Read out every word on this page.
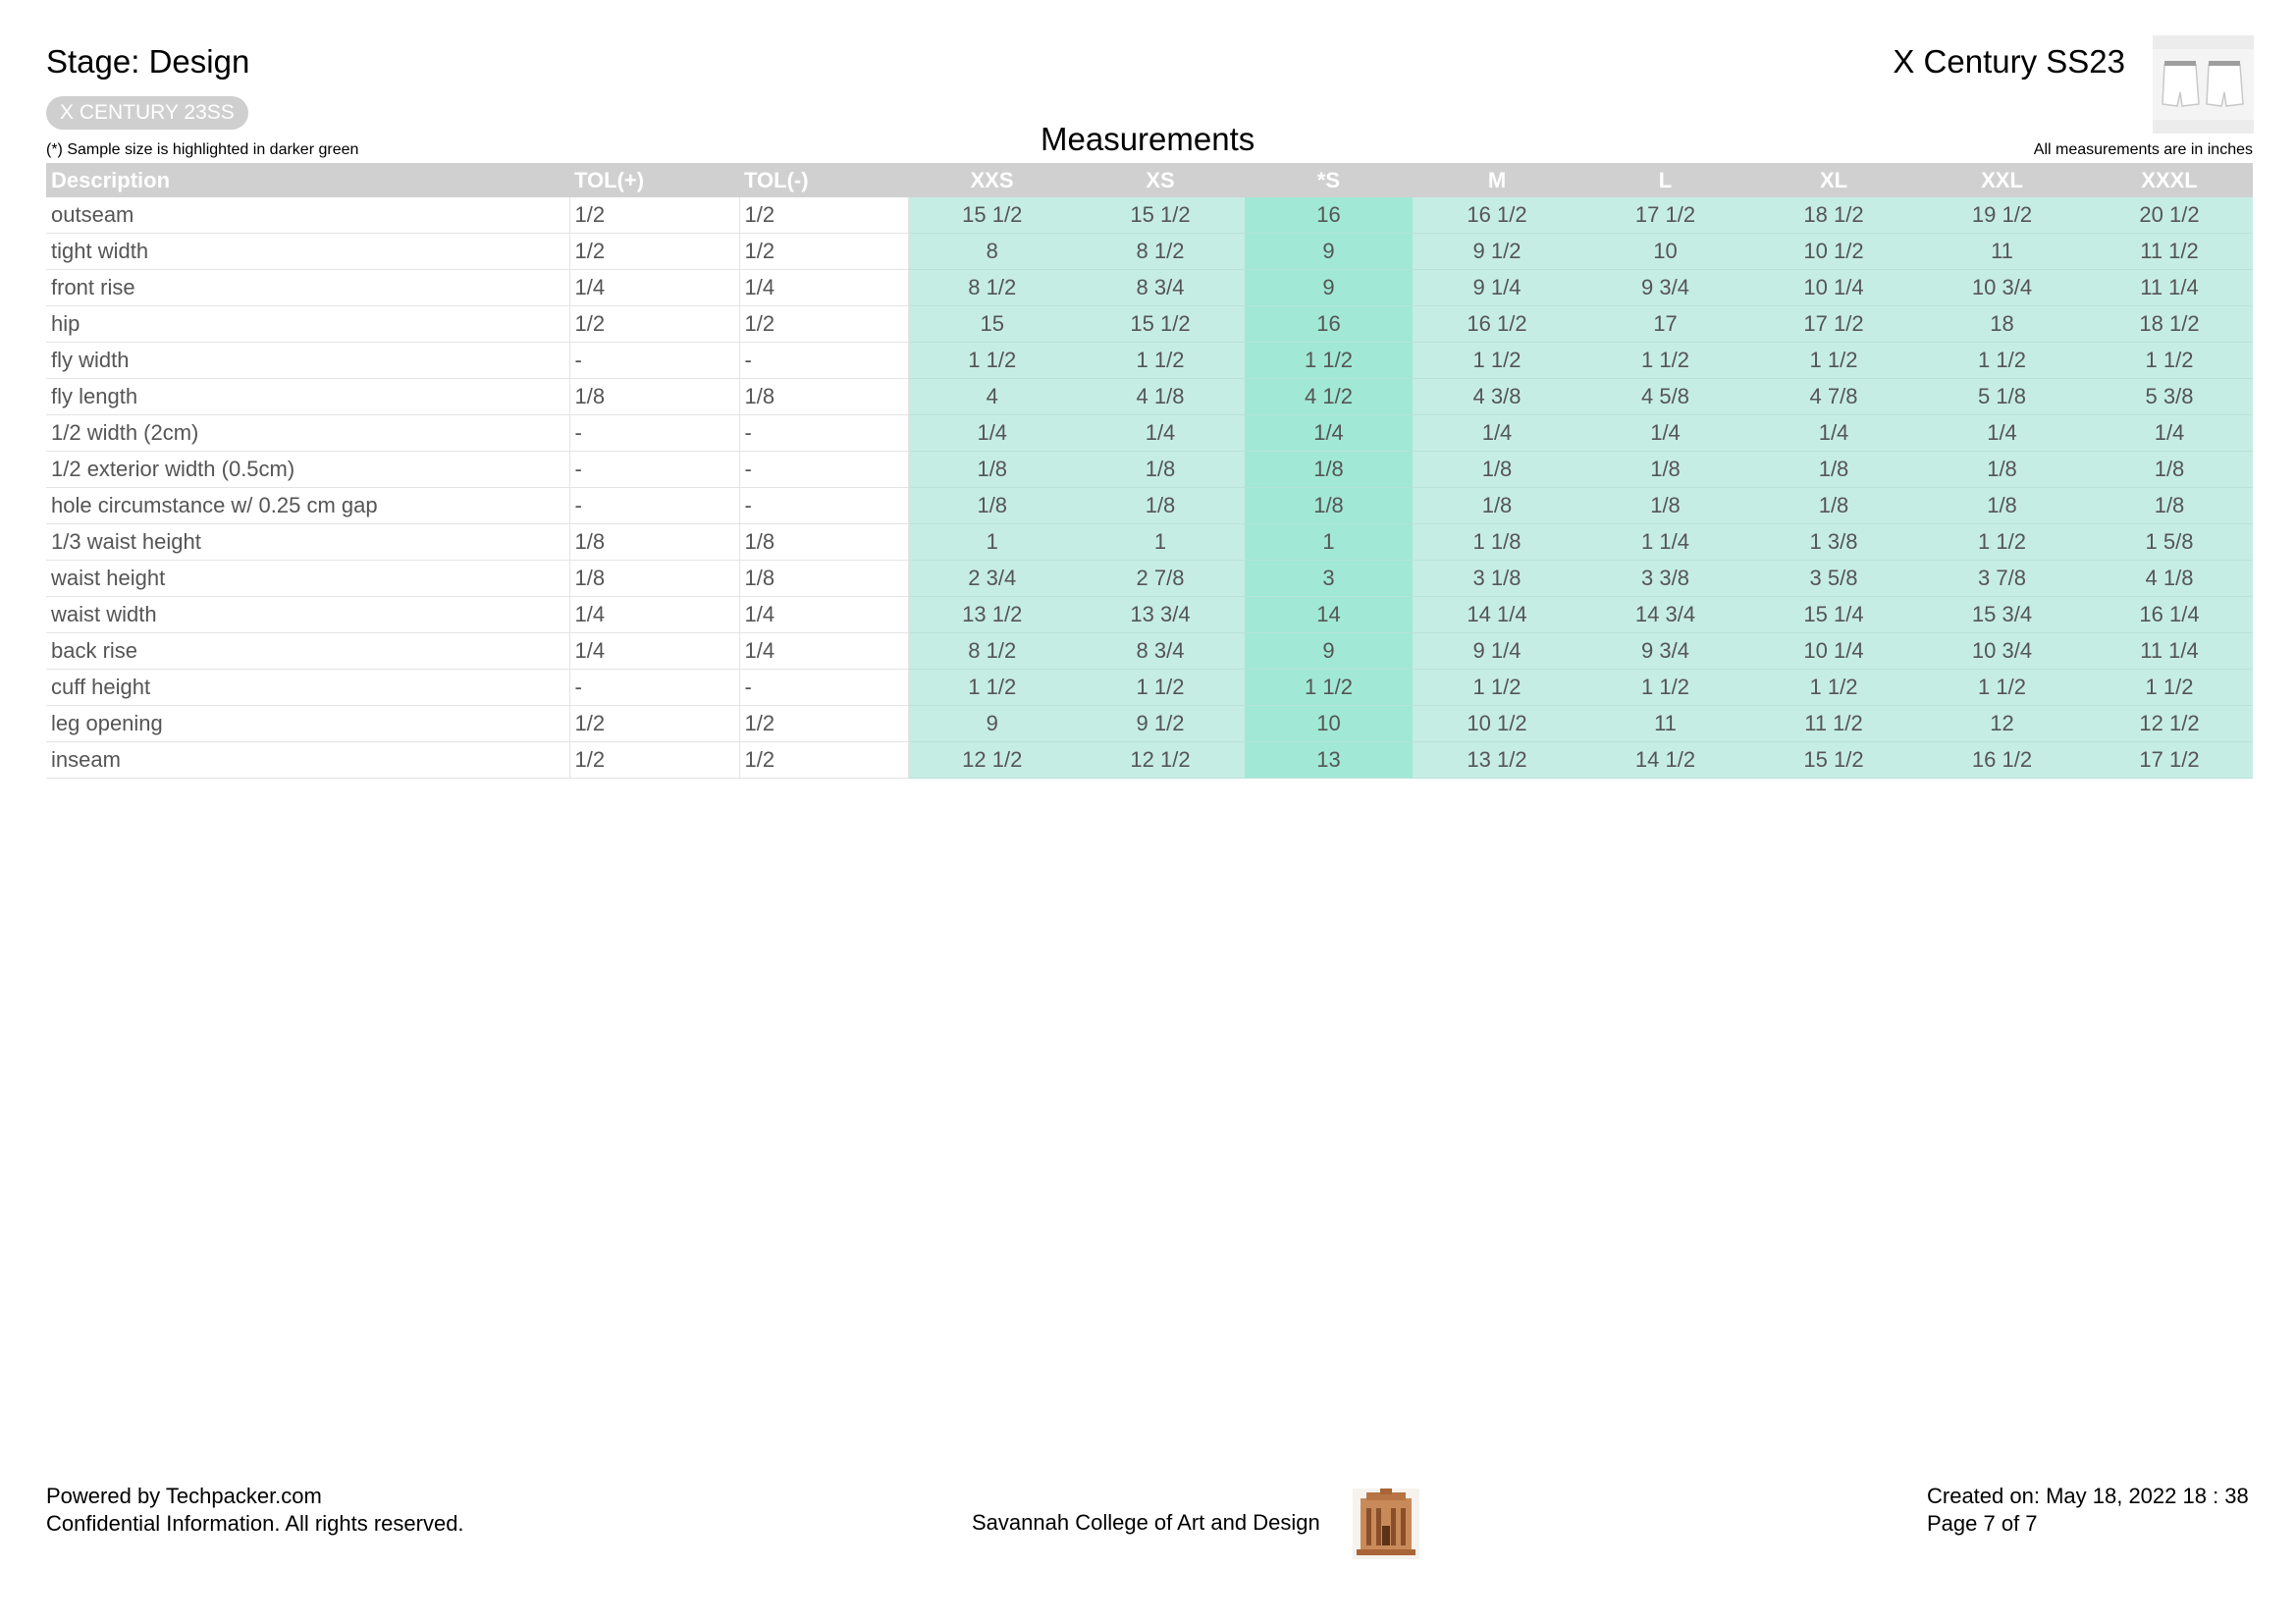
Stage: Design	X Century SS23
X CENTURY 23SS
(*) Sample size is highlighted in darker green	Measurements	All measurements are in inches
Description	TOL(+)	TOL(-)	XXS	XS	*S	M	L	XL	XXL	XXXL
outseam	1/2	1/2	15 1/2	15 1/2	16	16 1/2	17 1/2	18 1/2	19 1/2	20 1/2
tight width	1/2	1/2	8	8 1/2	9	9 1/2	10	10 1/2	11	11 1/2
front rise	1/4	1/4	8 1/2	8 3/4	9	9 1/4	9 3/4	10 1/4	10 3/4	11 1/4
hip	1/2	1/2	15	15 1/2	16	16 1/2	17	17 1/2	18	18 1/2
fly width	-	-	1 1/2	1 1/2	1 1/2	1 1/2	1 1/2	1 1/2	1 1/2	1 1/2
fly length	1/8	1/8	4	4 1/8	4 1/2	4 3/8	4 5/8	4 7/8	5 1/8	5 3/8
1/2 width (2cm)	-	-	1/4	1/4	1/4	1/4	1/4	1/4	1/4	1/4
1/2 exterior width (0.5cm)	-	-	1/8	1/8	1/8	1/8	1/8	1/8	1/8	1/8
hole circumstance w/ 0.25 cm gap	-	-	1/8	1/8	1/8	1/8	1/8	1/8	1/8	1/8
1/3 waist height	1/8	1/8	1	1	1	1 1/8	1 1/4	1 3/8	1 1/2	1 5/8
waist height	1/8	1/8	2 3/4	2 7/8	3	3 1/8	3 3/8	3 5/8	3 7/8	4 1/8
waist width	1/4	1/4	13 1/2	13 3/4	14	14 1/4	14 3/4	15 1/4	15 3/4	16 1/4
back rise	1/4	1/4	8 1/2	8 3/4	9	9 1/4	9 3/4	10 1/4	10 3/4	11 1/4
cuff height	-	-	1 1/2	1 1/2	1 1/2	1 1/2	1 1/2	1 1/2	1 1/2	1 1/2
leg opening	1/2	1/2	9	9 1/2	10	10 1/2	11	11 1/2	12	12 1/2
inseam	1/2	1/2	12 1/2	12 1/2	13	13 1/2	14 1/2	15 1/2	16 1/2	17 1/2
Powered by Techpacker.com
Confidential Information. All rights reserved.	Savannah College of Art and Design
Created on: May 18, 2022 18 : 38
Page 7 of 7
